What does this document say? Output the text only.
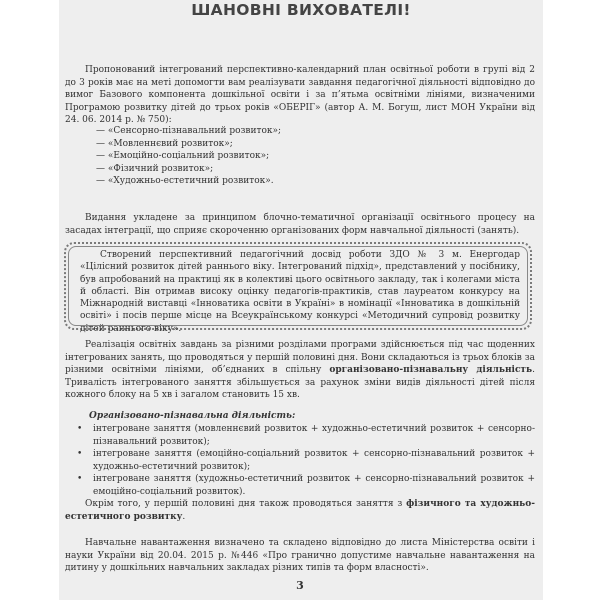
ШАНОВНІ ВИХОВАТЕЛІ!

Пропонований інтегрований перспективно-календарний план освітньої роботи в групі від 2 до 3 років має на меті допомогти вам реалізувати завдання педагогічної діяльності відповідно до вимог Базового компонента дошкільної освіти і за п’ятьма освітніми лініями, визначеними Програмою розвитку дітей до трьох років «ОБЕРІГ» (автор А. М. Богуш, лист МОН України від 24. 06. 2014 р. № 750):

— «Сенсорно-пізнавальний розвиток»;
— «Мовленнєвий розвиток»;
— «Емоційно-соціальний розвиток»;
— «Фізичний розвиток»;
— «Художньо-естетичний розвиток».

Видання укладене за принципом блочно-тематичної організації освітнього процесу на засадах інтеграції, що сприяє скороченню організованих форм навчальної діяльності (занять).

Створений перспективний педагогічний досвід роботи ЗДО № 3 м. Енергодар «Цілісний розвиток дітей раннього віку. Інтегрований підхід», представлений у посібнику, був апробований на практиці як в колективі цього освітнього закладу, так і колегами міста й області. Він отримав високу оцінку педагогів-практиків, став лауреатом конкурсу на Міжнародній виставці «Інноватика освіти в Україні» в номінації «Інноватика в дошкільній освіті» і посів перше місце на Всеукраїнському конкурсі «Методичний супровід розвитку дітей раннього віку».

Реалізація освітніх завдань за різними розділами програми здійснюється під час щоденних інтегрованих занять, що проводяться у першій половині дня. Вони складаються із трьох блоків за різними освітніми лініями, об’єднаних в спільну організовано-пізнавальну діяльність. Тривалість інтегрованого заняття збільшується за рахунок зміни видів діяльності дітей після кожного блоку на 5 хв і загалом становить 15 хв.

Організовано-пізнавальна діяльність:
• інтегроване заняття (мовленнєвий розвиток + художньо-естетичний розвиток + сенсорно-пізнавальний розвиток);
• інтегроване заняття (емоційно-соціальний розвиток + сенсорно-пізнавальний розвиток + художньо-естетичний розвиток);
• інтегроване заняття (художньо-естетичний розвиток + сенсорно-пізнавальний розвиток + емоційно-соціальний розвиток).

Окрім того, у першій половині дня також проводяться заняття з фізичного та художньо-естетичного розвитку.

Навчальне навантаження визначено та складено відповідно до листа Міністерства освіти і науки України від 20.04. 2015 р. №446 «Про гранично допустиме навчальне навантаження на дитину у дошкільних навчальних закладах різних типів та форм власності».

3
